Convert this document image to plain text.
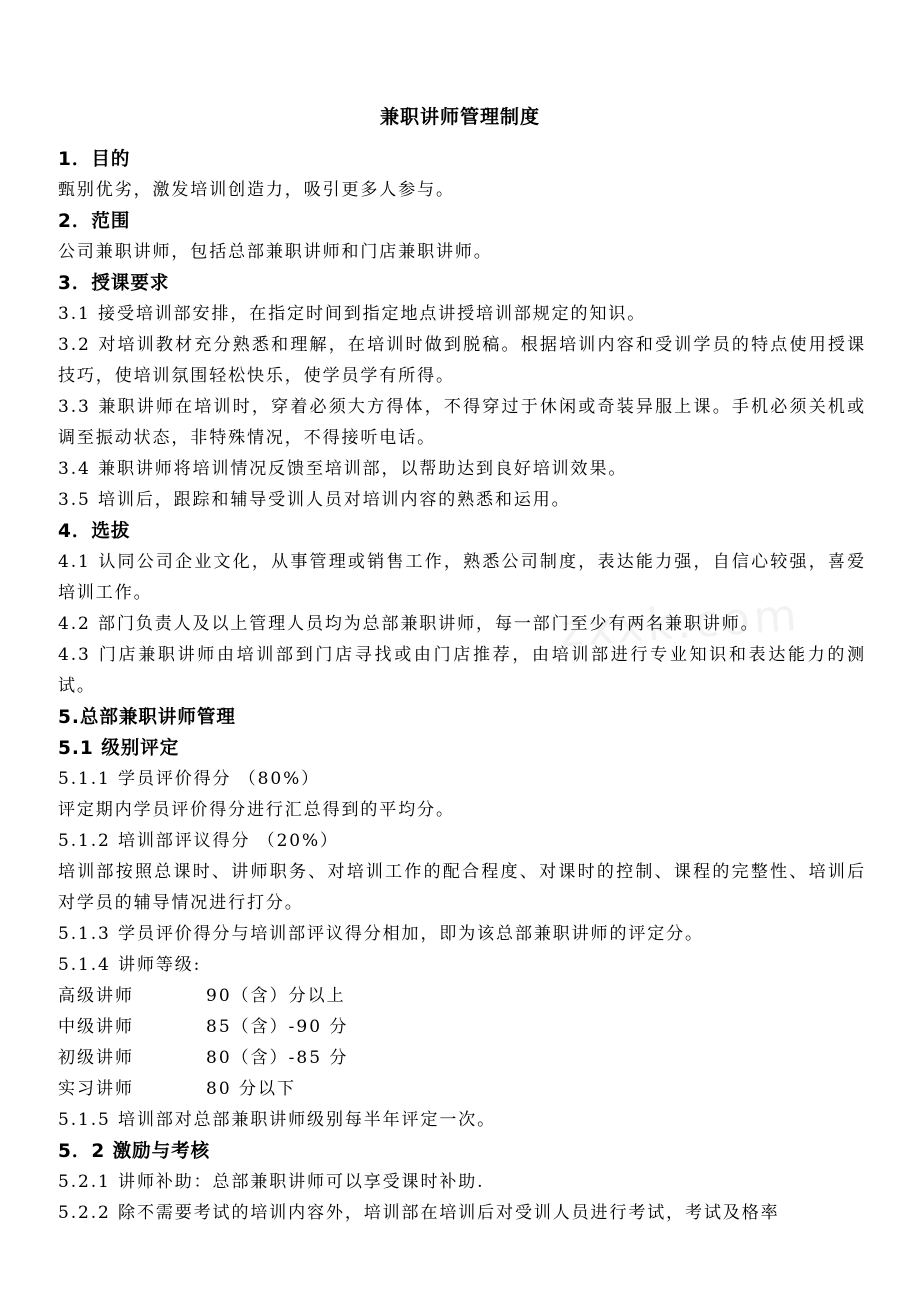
zxxk.com
兼职讲师管理制度
1．目的
甄别优劣，激发培训创造力，吸引更多人参与。
2．范围
公司兼职讲师，包括总部兼职讲师和门店兼职讲师。
3．授课要求
3.1 接受培训部安排，在指定时间到指定地点讲授培训部规定的知识。
3.2 对培训教材充分熟悉和理解，在培训时做到脱稿。根据培训内容和受训学员的特点使用授课技巧，使培训氛围轻松快乐，使学员学有所得。
3.3 兼职讲师在培训时，穿着必须大方得体，不得穿过于休闲或奇装异服上课。手机必须关机或调至振动状态，非特殊情况，不得接听电话。
3.4 兼职讲师将培训情况反馈至培训部，以帮助达到良好培训效果。
3.5 培训后，跟踪和辅导受训人员对培训内容的熟悉和运用。
4．选拔
4.1 认同公司企业文化，从事管理或销售工作，熟悉公司制度，表达能力强，自信心较强，喜爱培训工作。
4.2 部门负责人及以上管理人员均为总部兼职讲师，每一部门至少有两名兼职讲师。
4.3 门店兼职讲师由培训部到门店寻找或由门店推荐，由培训部进行专业知识和表达能力的测试。
5.总部兼职讲师管理
5.1 级别评定
5.1.1 学员评价得分 （80%）
评定期内学员评价得分进行汇总得到的平均分。
5.1.2 培训部评议得分 （20%）
培训部按照总课时、讲师职务、对培训工作的配合程度、对课时的控制、课程的完整性、培训后对学员的辅导情况进行打分。
5.1.3 学员评价得分与培训部评议得分相加，即为该总部兼职讲师的评定分。
5.1.4 讲师等级:
高级讲师	90（含）分以上
中级讲师	85（含）-90 分
初级讲师	80（含）-85 分
实习讲师	80 分以下
5.1.5 培训部对总部兼职讲师级别每半年评定一次。
5．2 激励与考核
5.2.1 讲师补助：总部兼职讲师可以享受课时补助.
5.2.2 除不需要考试的培训内容外，培训部在培训后对受训人员进行考试，考试及格率
